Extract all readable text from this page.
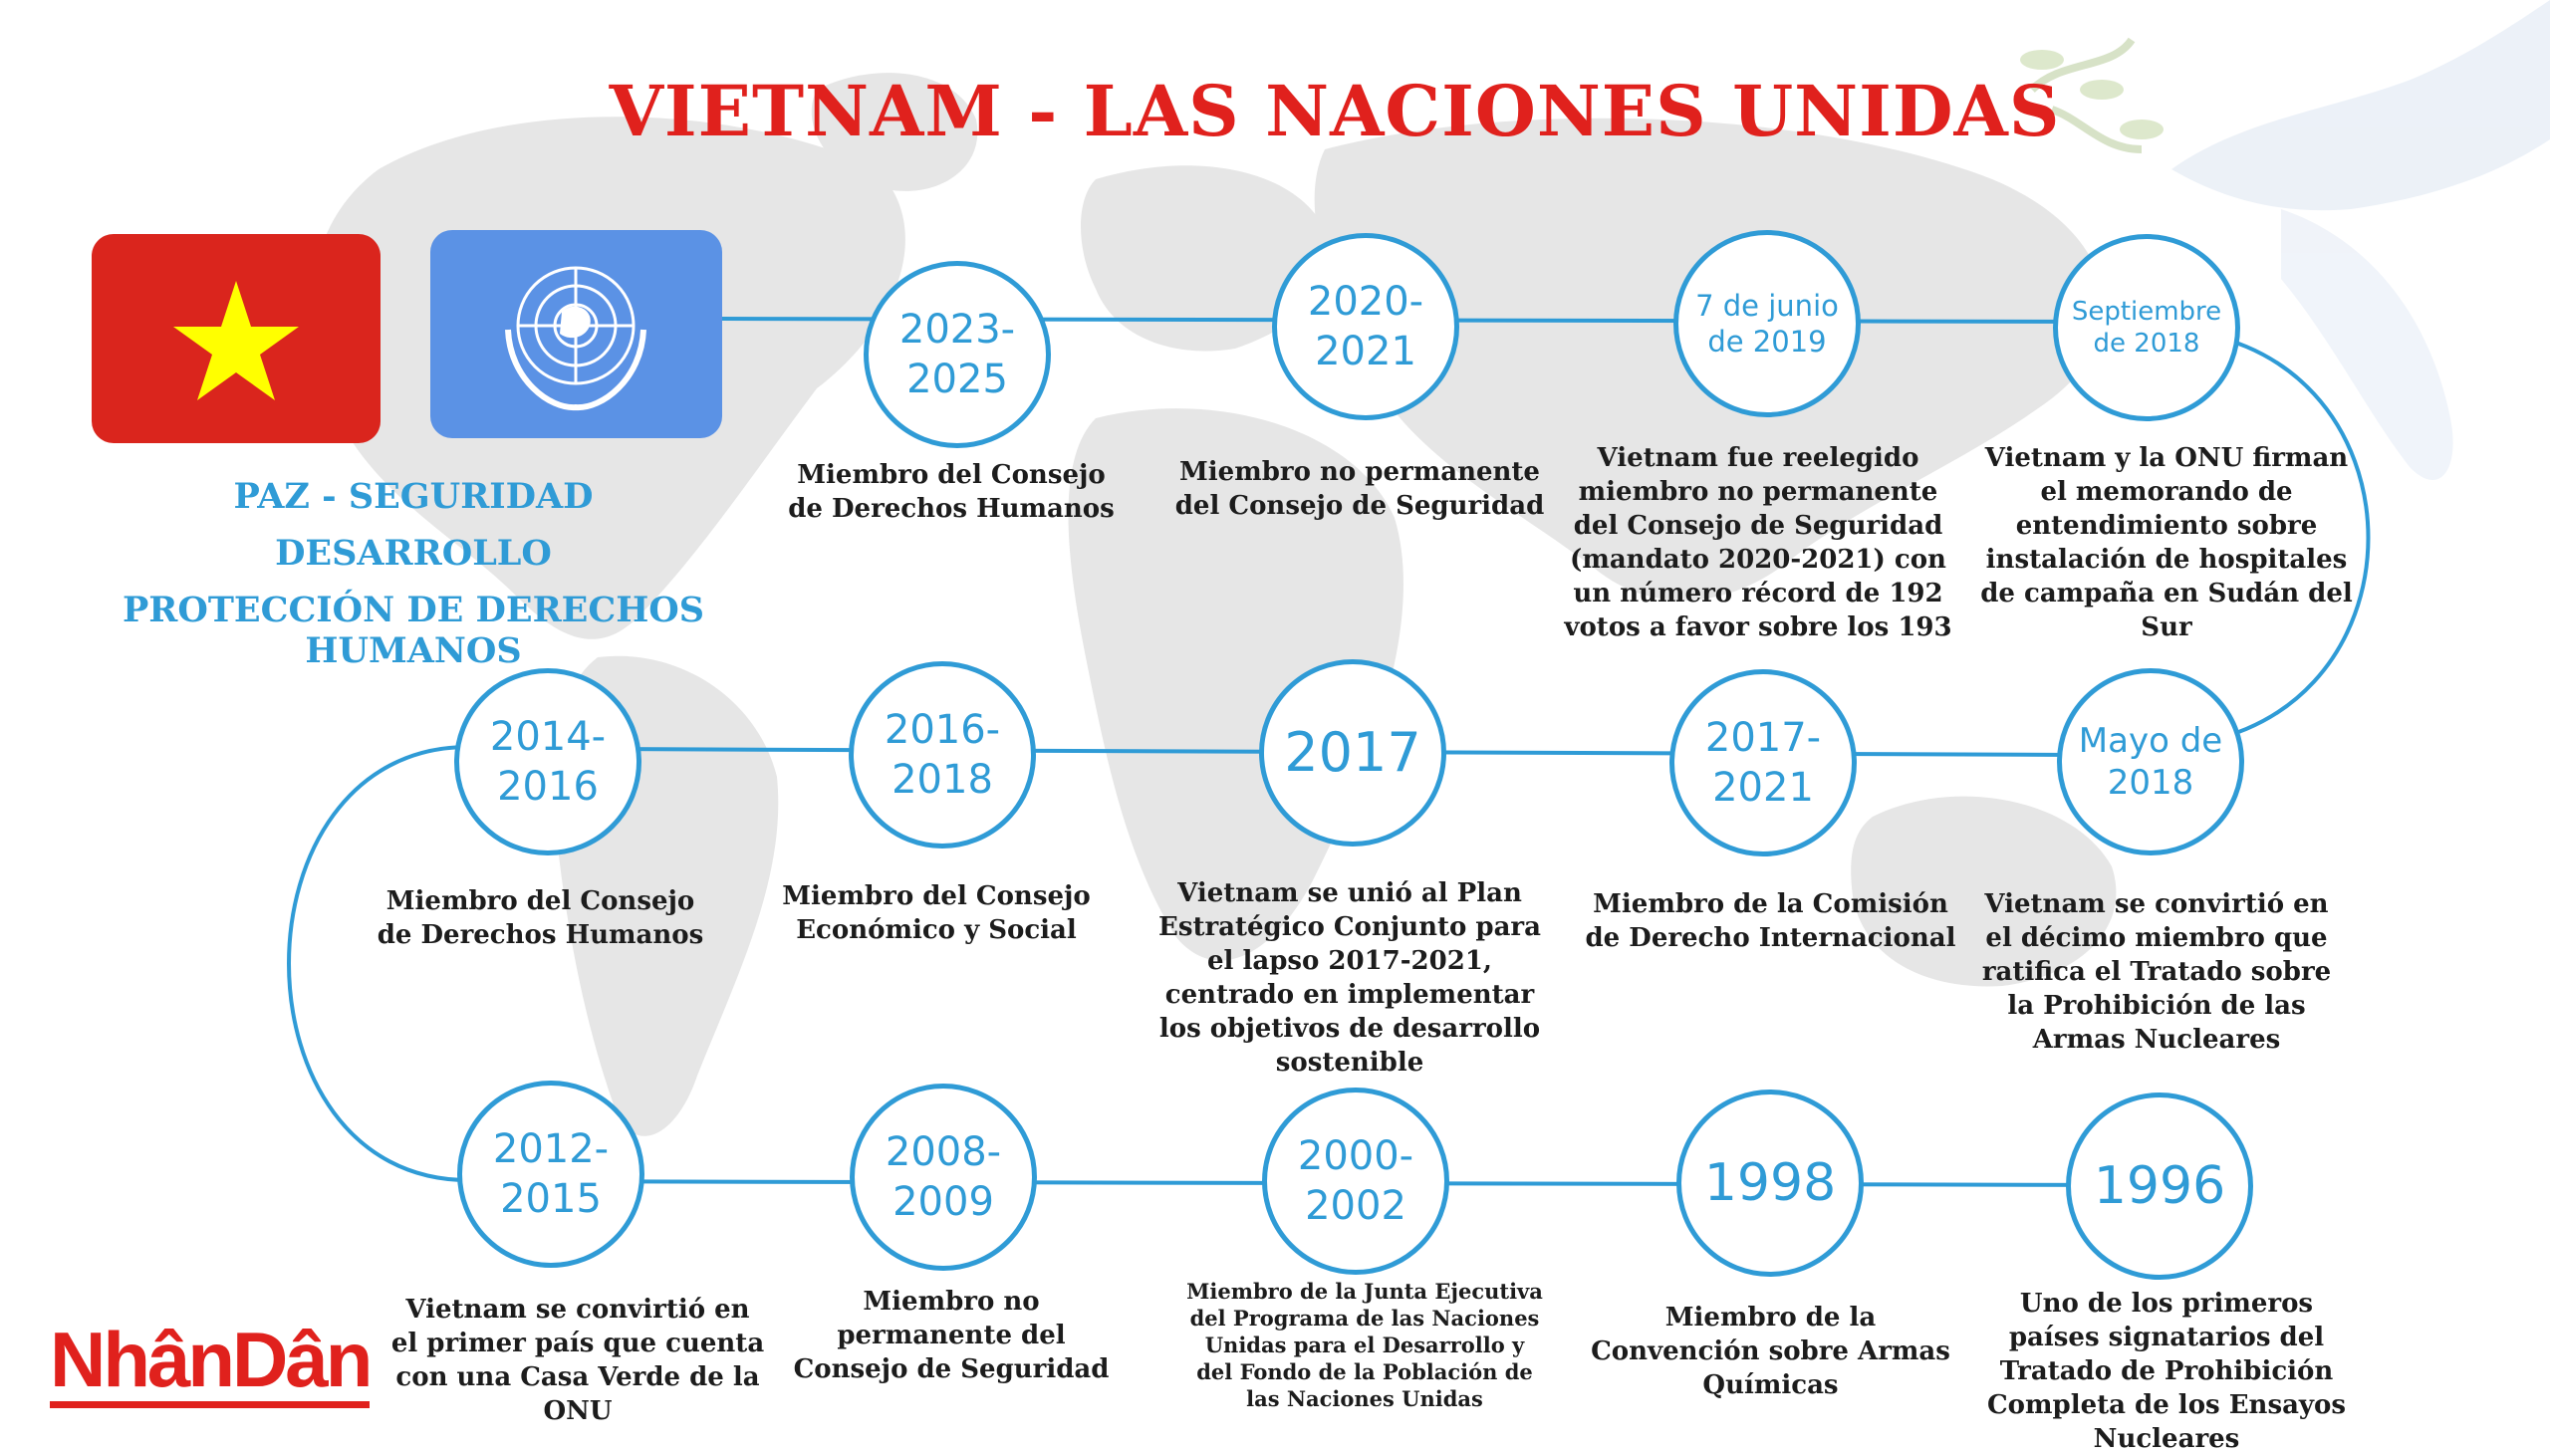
VIETNAM - LAS NACIONES UNIDAS
PAZ - SEGURIDAD
DESARROLLO
PROTECCIÓN DE DERECHOS HUMANOS
2023-
2025
2020-
2021
7 de junio
de 2019
Septiembre
de 2018
Miembro del Consejo de Derechos Humanos
Miembro no permanente del Consejo de Seguridad
Vietnam fue reelegido miembro no permanente del Consejo de Seguridad (mandato 2020-2021) con un número récord de 192 votos a favor sobre los 193
Vietnam y la ONU firman el memorando de entendimiento sobre instalación de hospitales de campaña en Sudán del Sur
Mayo de
2018
2017-
2021
2017
2016-
2018
2014-
2016
Vietnam se convirtió en el décimo miembro que ratifica el Tratado sobre la Prohibición de las Armas Nucleares
Miembro de la Comisión de Derecho Internacional
Vietnam se unió al Plan Estratégico Conjunto para el lapso 2017-2021, centrado en implementar los objetivos de desarrollo sostenible
Miembro del Consejo Económico y Social
Miembro del Consejo de Derechos Humanos
2012-
2015
2008-
2009
2000-
2002	1998	1996
Vietnam se convirtió en el primer país que cuenta con una Casa Verde de la ONU
Miembro no permanente del Consejo de Seguridad
Miembro de la Junta Ejecutiva del Programa de las Naciones Unidas para el Desarrollo y del Fondo de la Población de las Naciones Unidas
Miembro de la Convención sobre Armas Químicas
Uno de los primeros países signatarios del Tratado de Prohibición Completa de los Ensayos Nucleares
NhânDân
